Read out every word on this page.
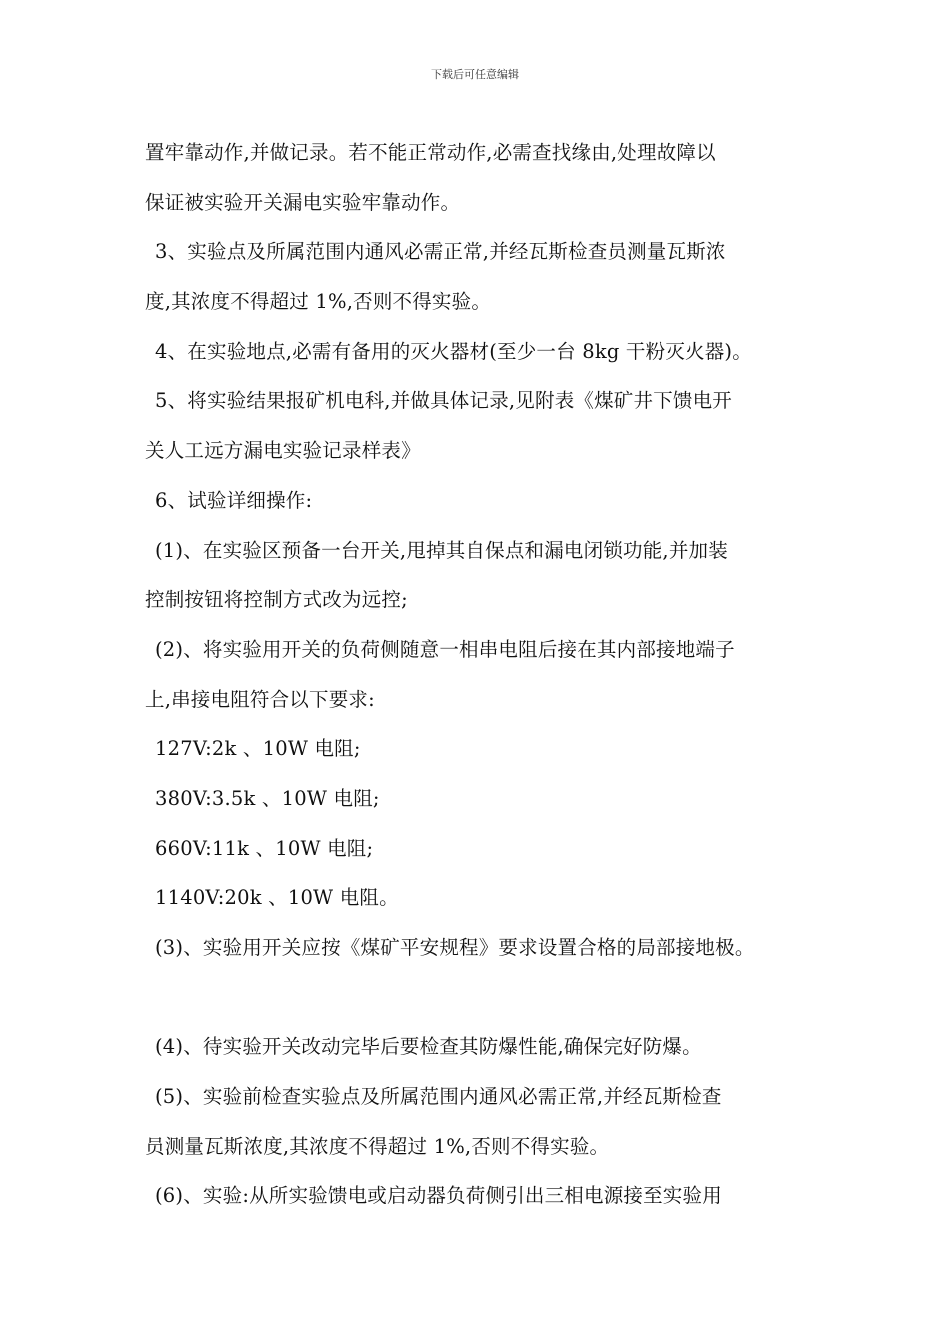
下载后可任意编辑
置牢靠动作,并做记录。若不能正常动作,必需查找缘由,处理故障以
保证被实验开关漏电实验牢靠动作。
3、实验点及所属范围内通风必需正常,并经瓦斯检查员测量瓦斯浓
度,其浓度不得超过 1%,否则不得实验。
4、在实验地点,必需有备用的灭火器材(至少一台 8kg 干粉灭火器)。
5、将实验结果报矿机电科,并做具体记录,见附表《煤矿井下馈电开
关人工远方漏电实验记录样表》
6、试验详细操作:
(1)、在实验区预备一台开关,甩掉其自保点和漏电闭锁功能,并加装
控制按钮将控制方式改为远控;
(2)、将实验用开关的负荷侧随意一相串电阻后接在其内部接地端子
上,串接电阻符合以下要求:
127V:2k 、10W 电阻;
380V:3.5k 、10W 电阻;
660V:11k 、10W 电阻;
1140V:20k 、10W 电阻。
(3)、实验用开关应按《煤矿平安规程》要求设置合格的局部接地极。
(4)、待实验开关改动完毕后要检查其防爆性能,确保完好防爆。
(5)、实验前检查实验点及所属范围内通风必需正常,并经瓦斯检查
员测量瓦斯浓度,其浓度不得超过 1%,否则不得实验。
(6)、实验:从所实验馈电或启动器负荷侧引出三相电源接至实验用
